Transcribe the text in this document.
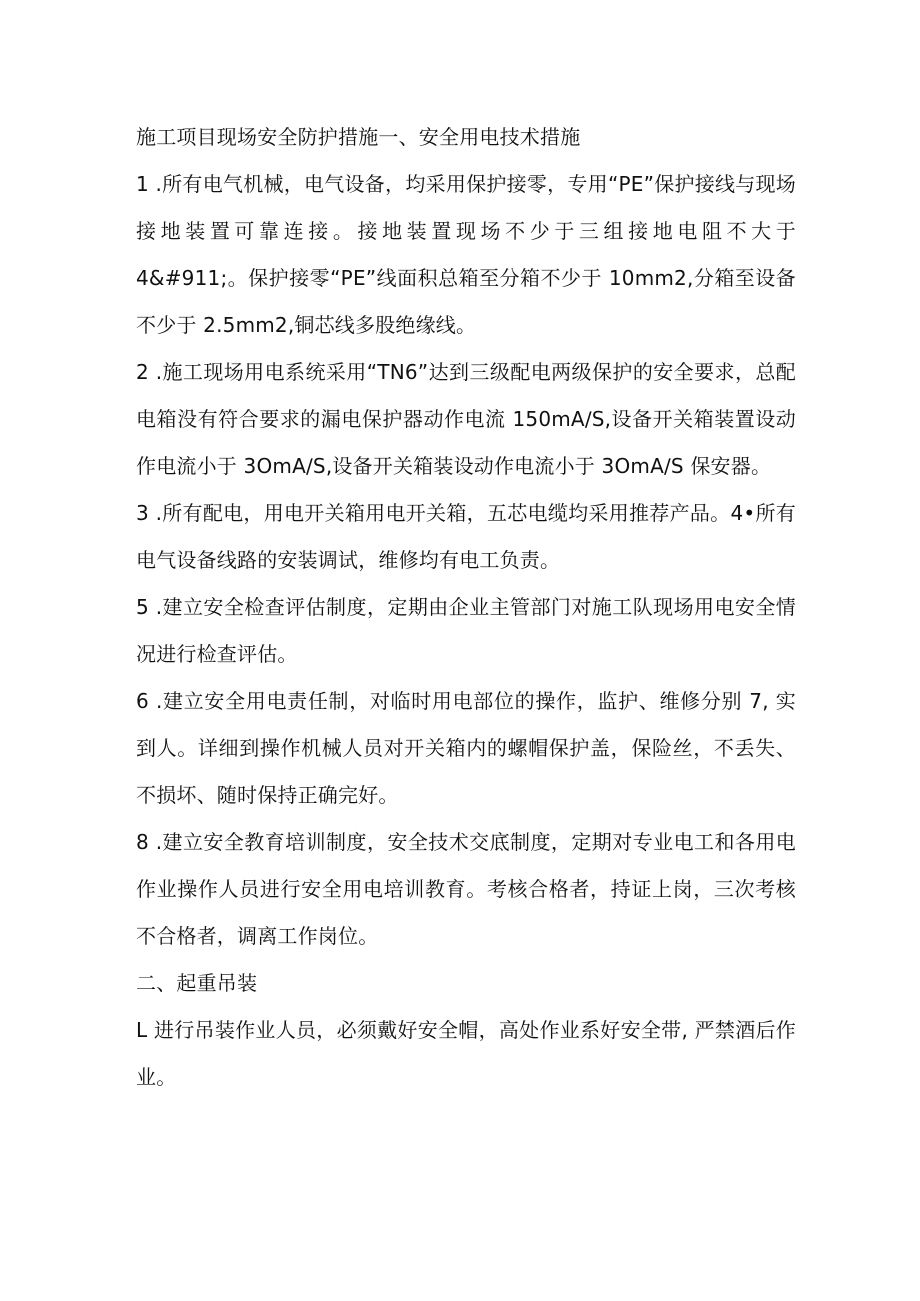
施工项目现场安全防护措施一、安全用电技术措施

1 .所有电气机械，电气设备，均采用保护接零，专用“PE”保护接线与现场接地装置可靠连接。接地装置现场不少于三组接地电阻不大于 4&#911;。保护接零“PE”线面积总箱至分箱不少于 10mm2,分箱至设备不少于 2.5mm2,铜芯线多股绝缘线。

2 .施工现场用电系统采用“TN6”达到三级配电两级保护的安全要求，总配电箱没有符合要求的漏电保护器动作电流 150mA∕S,设备开关箱装置设动作电流小于 3OmA∕S,设备开关箱装设动作电流小于 3OmA∕S 保安器。

3 .所有配电，用电开关箱用电开关箱，五芯电缆均采用推荐产品。4•所有电气设备线路的安装调试，维修均有电工负责。

5 .建立安全检查评估制度，定期由企业主管部门对施工队现场用电安全情况进行检查评估。

6 .建立安全用电责任制，对临时用电部位的操作，监护、维修分别 7, 实到人。详细到操作机械人员对开关箱内的螺帽保护盖，保险丝，不丢失、不损坏、随时保持正确完好。

8 .建立安全教育培训制度，安全技术交底制度，定期对专业电工和各用电作业操作人员进行安全用电培训教育。考核合格者，持证上岗，三次考核不合格者，调离工作岗位。

二、起重吊装

L 进行吊装作业人员，必须戴好安全帽，高处作业系好安全带, 严禁酒后作业。
